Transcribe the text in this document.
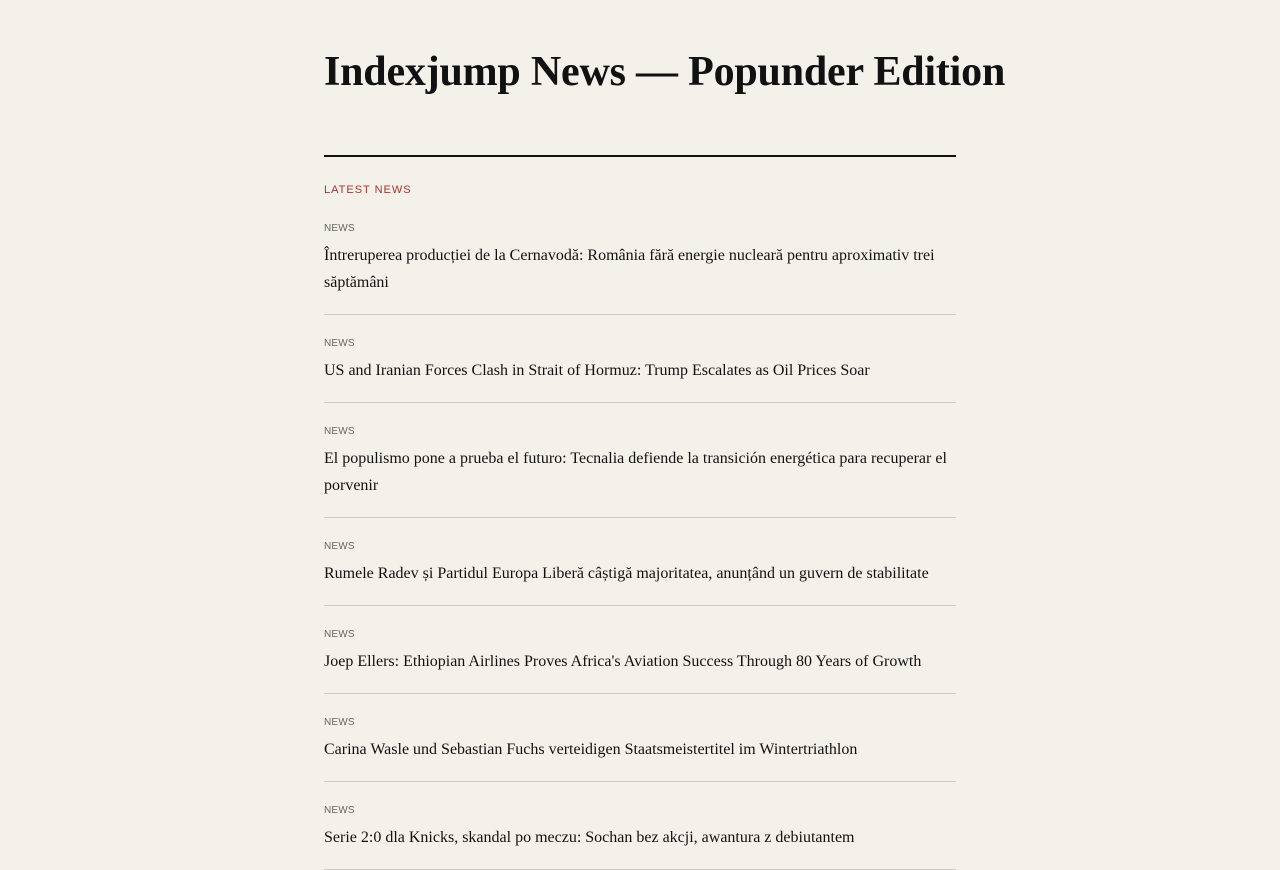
Indexjump News — Popunder Edition
LATEST NEWS
NEWS
Întreruperea producției de la Cernavodă: România fără energie nucleară pentru aproximativ trei săptămâni
NEWS
US and Iranian Forces Clash in Strait of Hormuz: Trump Escalates as Oil Prices Soar
NEWS
El populismo pone a prueba el futuro: Tecnalia defiende la transición energética para recuperar el porvenir
NEWS
Rumele Radev și Partidul Europa Liberă câștigă majoritatea, anunțând un guvern de stabilitate
NEWS
Joep Ellers: Ethiopian Airlines Proves Africa's Aviation Success Through 80 Years of Growth
NEWS
Carina Wasle und Sebastian Fuchs verteidigen Staatsmeistertitel im Wintertriathlon
NEWS
Serie 2:0 dla Knicks, skandal po meczu: Sochan bez akcji, awantura z debiutantem
